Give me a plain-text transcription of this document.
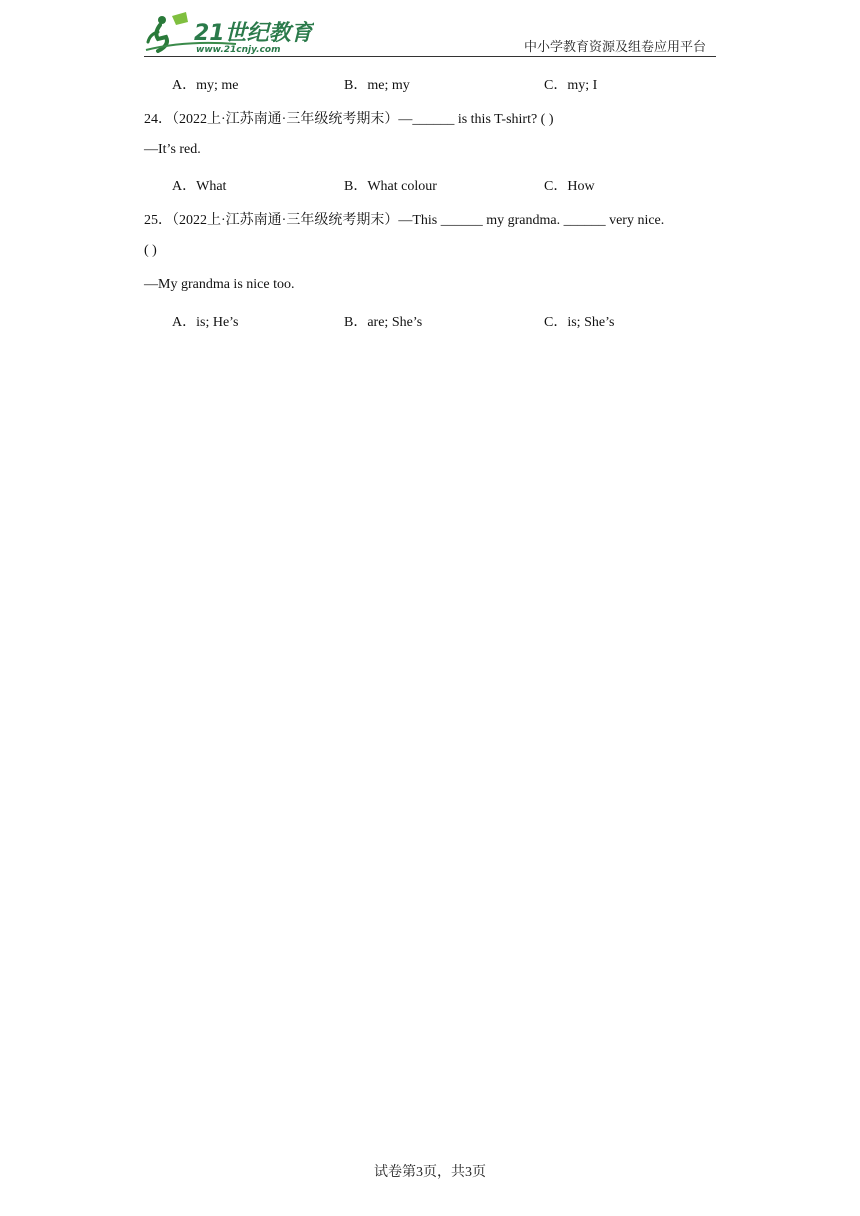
21世纪教育
www.21cnjy.com	中小学教育资源及组卷应用平台
A．my; me	B．me; my	C．my; I
24．（2022上·江苏南通·三年级统考期末）—______ is this T-shirt? ( )
—It’s red.
A．What	B．What colour	C．How
25．（2022上·江苏南通·三年级统考期末）—This ______ my grandma. ______ very nice.
( )
—My grandma is nice too.
A．is; He’s	B．are; She’s	C．is; She’s
试卷第3页，共3页
